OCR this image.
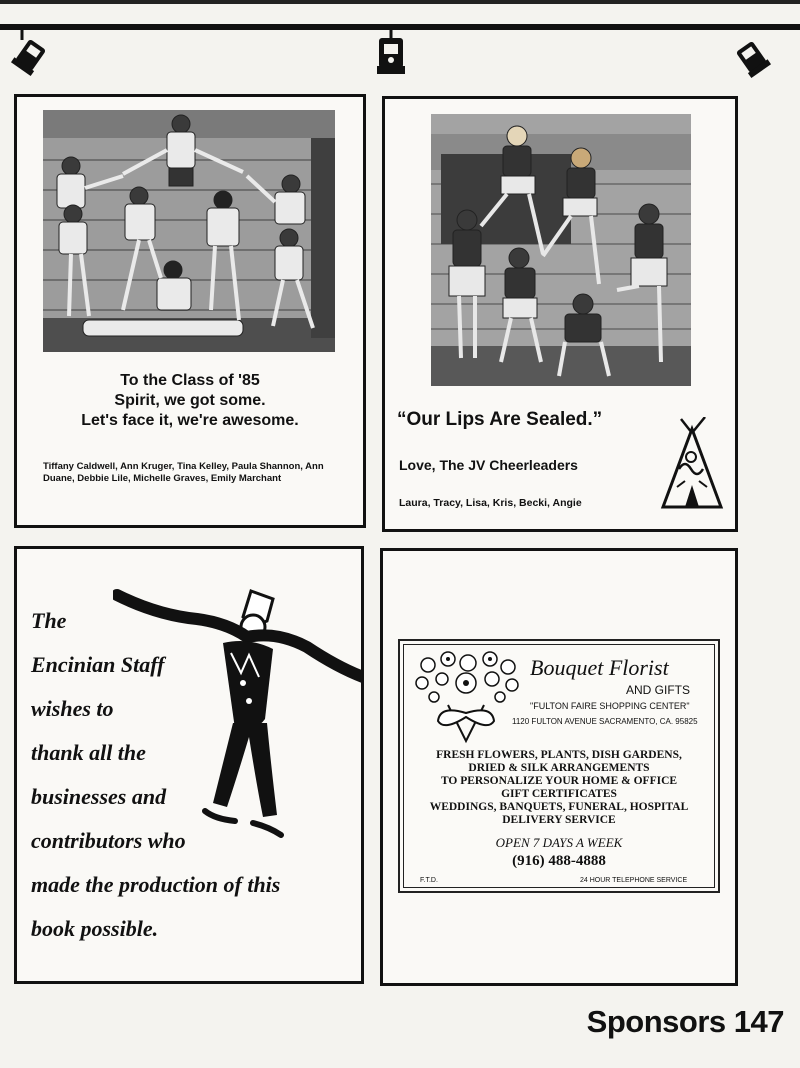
To the Class of '85
Spirit, we got some.
Let's face it, we're awesome.
Tiffany Caldwell, Ann Kruger, Tina Kelley, Paula Shannon, Ann Duane, Debbie Lile, Michelle Graves, Emily Marchant
“Our Lips Are Sealed.”
Love, The JV Cheerleaders
Laura, Tracy, Lisa, Kris, Becki, Angie
The
Encinian Staff
wishes to
thank all the
businesses and
contributors who
made the production of this
book possible.
Bouquet Florist
AND GIFTS
"FULTON FAIRE SHOPPING CENTER"
1120 FULTON AVENUE SACRAMENTO, CA. 95825
FRESH FLOWERS, PLANTS, DISH GARDENS,
DRIED & SILK ARRANGEMENTS
TO PERSONALIZE YOUR HOME & OFFICE
GIFT CERTIFICATES
WEDDINGS, BANQUETS, FUNERAL, HOSPITAL
DELIVERY SERVICE
OPEN 7 DAYS A WEEK
(916) 488-4888
F.T.D.	24 HOUR TELEPHONE SERVICE
Sponsors 147
